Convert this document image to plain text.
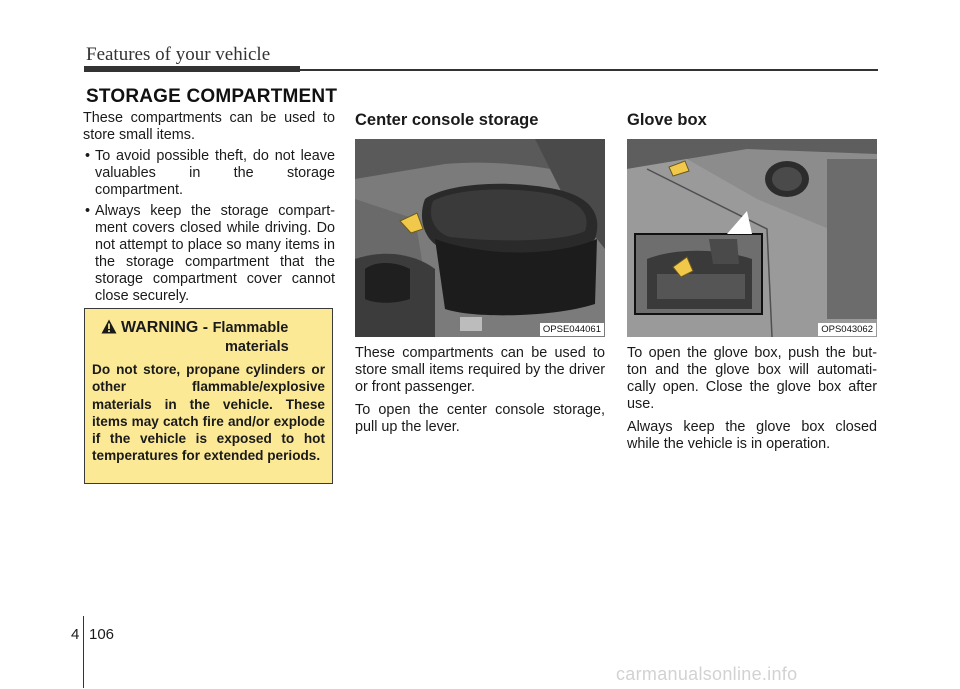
Features of your vehicle
STORAGE COMPARTMENT

These compartments can be used to store small items.

• To avoid possible theft, do not leave valuables in the storage compartment.
• Always keep the storage compart- ment covers closed while driving. Do not attempt to place so many items in the storage compartment that the storage compartment cover cannot close securely.
WARNING - Flammable
materials
Do not store, propane cylinders or other flammable/explosive materials in the vehicle. These items may catch fire and/or explode if the vehicle is exposed to hot temperatures for extended periods.
Center console storage
OPSE044061

These compartments can be used to store small items required by the driver or front passenger.

To open the center console storage, pull up the lever.

Glove box
OPS043062

To open the glove box, push the but- ton and the glove box will automati- cally open. Close the glove box after use.

Always keep the glove box closed while the vehicle is in operation.

4 106
carmanualsonline.info
